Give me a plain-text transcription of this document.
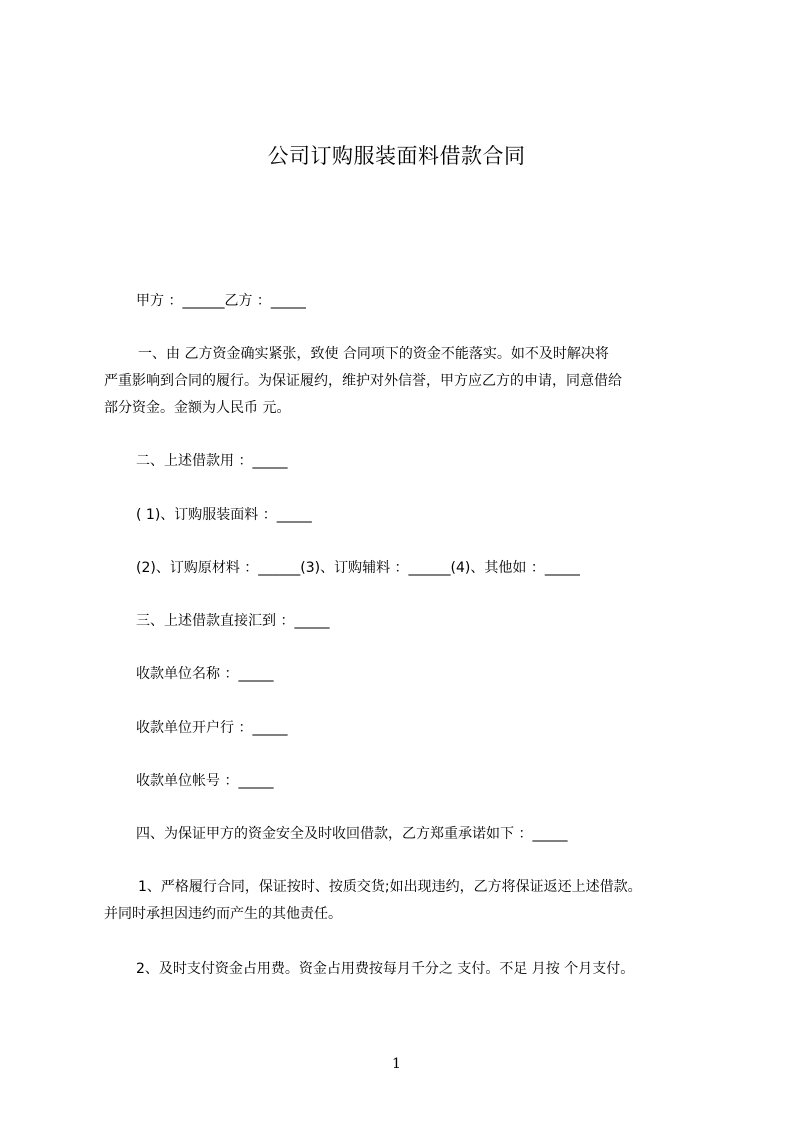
公司订购服装面料借款合同
甲方 ：______乙方 ：_____
一、由 乙方资金确实紧张，致使 合同项下的资金不能落实。如不及时解决将
严重影响到合同的履行。为保证履约，维护对外信誉，甲方应乙方的申请，同意借给
部分资金。金额为人民币 元。
二、上述借款用 ：_____
( 1)、订购服装面料 ：_____
(2)、订购原材料 ：______(3)、订购辅料 ：______(4)、其他如 ：_____
三、上述借款直接汇到 ：_____
收款单位名称 ：_____
收款单位开户行 ：_____
收款单位帐号 ：_____
四、为保证甲方的资金安全及时收回借款，乙方郑重承诺如下 ：_____
1、严格履行合同，保证按时、按质交货;如出现违约，乙方将保证返还上述借款。
并同时承担因违约而产生的其他责任。
2、及时支付资金占用费。资金占用费按每月千分之 支付。不足 月按 个月支付。
1
